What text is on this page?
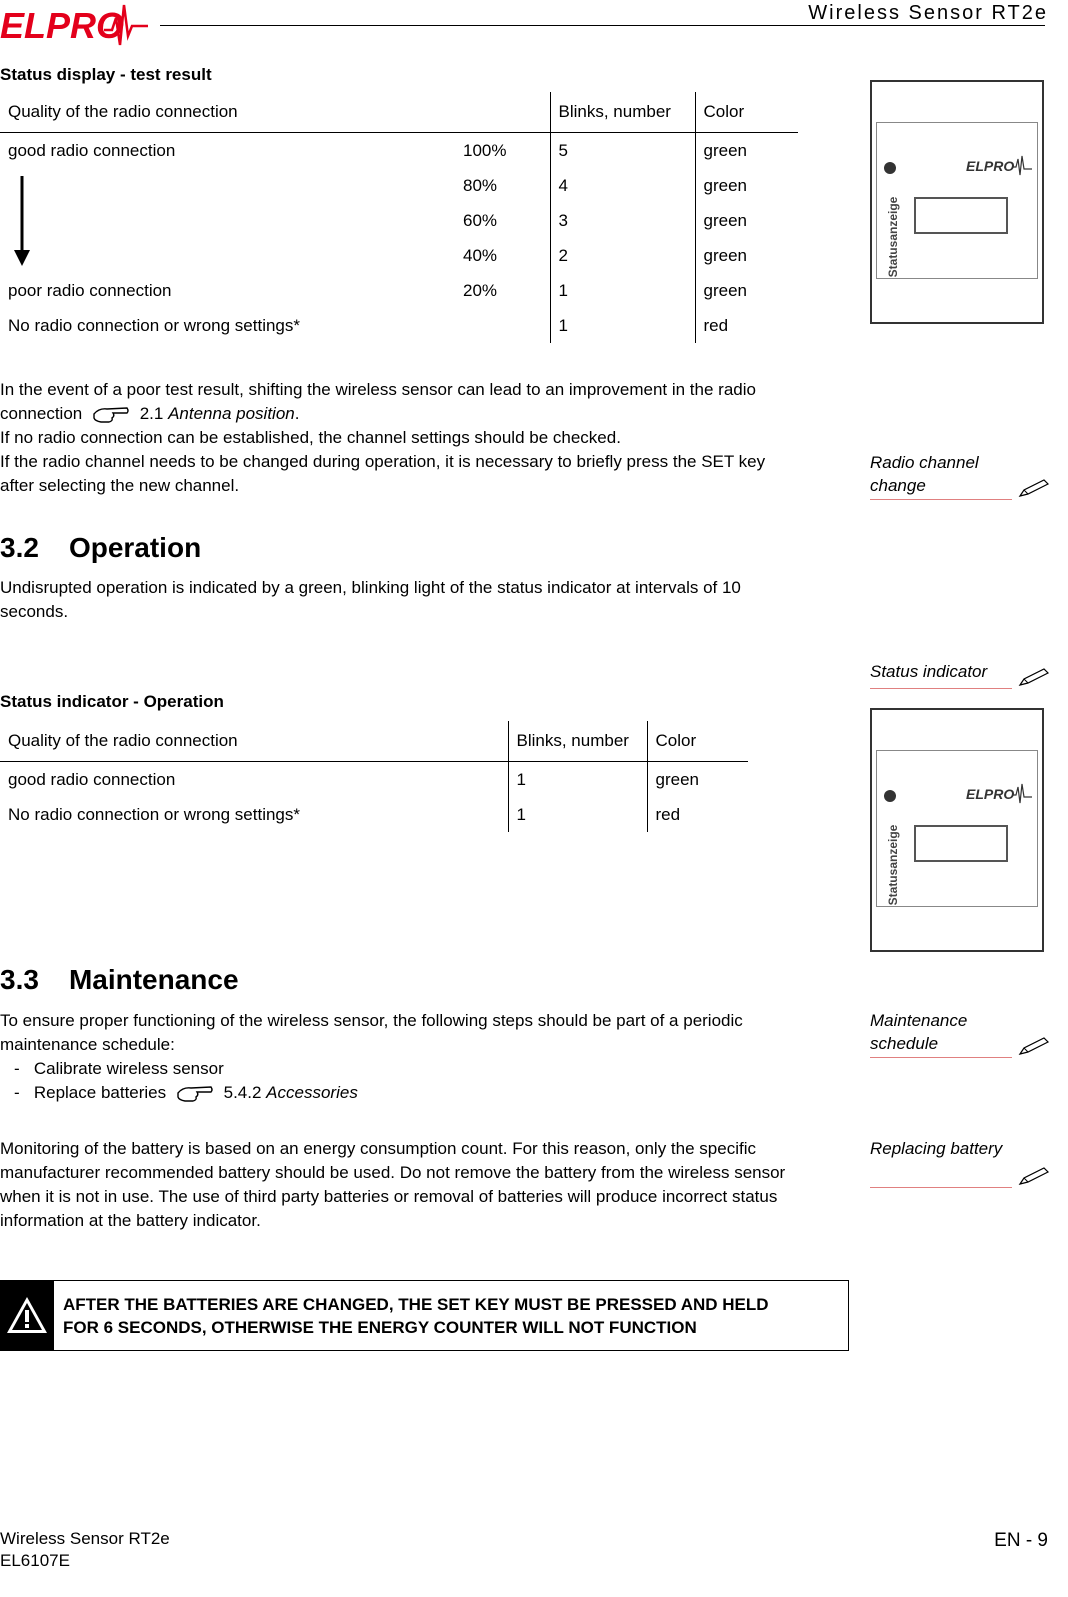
ELPRO	Wireless Sensor RT2e
Status display - test result
Quality of the radio connection		Blinks, number	Color
good radio connection	100%	5	green
	80%	4	green
	60%	3	green
	40%	2	green
poor radio connection	20%	1	green
No radio connection or wrong settings*		1	red
ELPRO
Statusanzeige
In the event of a poor test result, shifting the wireless sensor can lead to an improvement in the radio
connection	2.1 Antenna position.
If no radio connection can be established, the channel settings should be checked.
If the radio channel needs to be changed during operation, it is necessary to briefly press the SET key
after selecting the new channel.
Radio channel
change
3.2 Operation
Undisrupted operation is indicated by a green, blinking light of the status indicator at intervals of 10
seconds.
Status indicator
Status indicator - Operation
Quality of the radio connection	Blinks, number	Color
good radio connection	1	green
No radio connection or wrong settings*	1	red
ELPRO
Statusanzeige
3.3 Maintenance
To ensure proper functioning of the wireless sensor, the following steps should be part of a periodic
maintenance schedule:
-   Calibrate wireless sensor
-   Replace batteries	5.4.2 Accessories
Maintenance
schedule
Monitoring of the battery is based on an energy consumption count. For this reason, only the specific
manufacturer recommended battery should be used. Do not remove the battery from the wireless sensor
when it is not in use. The use of third party batteries or removal of batteries will produce incorrect status
information at the battery indicator.
Replacing battery
AFTER THE BATTERIES ARE CHANGED, THE SET KEY MUST BE PRESSED AND HELD
FOR 6 SECONDS, OTHERWISE THE ENERGY COUNTER WILL NOT FUNCTION
Wireless Sensor RT2e
EL6107E
EN - 9
